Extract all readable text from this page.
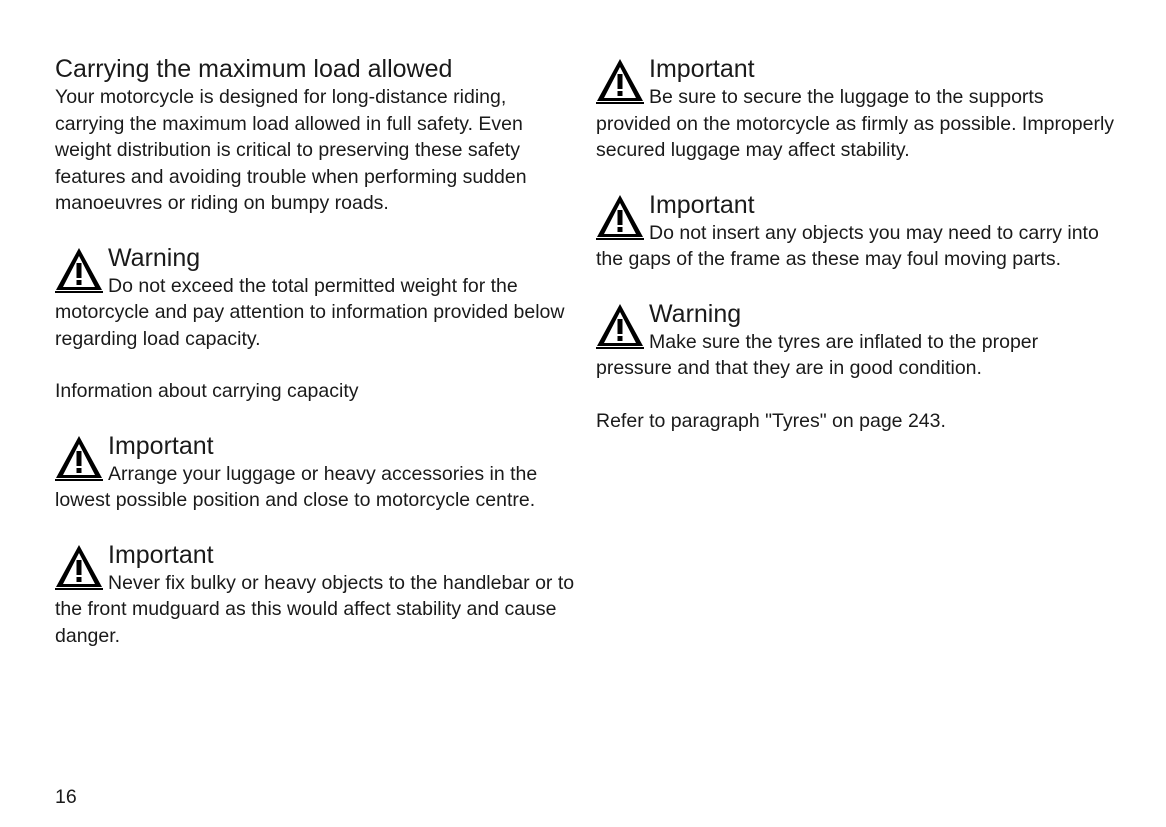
Carrying the maximum load allowed

Your motorcycle is designed for long-distance riding, carrying the maximum load allowed in full safety. Even weight distribution is critical to preserving these safety features and avoiding trouble when performing sudden manoeuvres or riding on bumpy roads.

Warning

Do not exceed the total permitted weight for the motorcycle and pay attention to information provided below regarding load capacity.

Information about carrying capacity

Important

Arrange your luggage or heavy accessories in the lowest possible position and close to motorcycle centre.

Important

Never fix bulky or heavy objects to the handlebar or to the front mudguard as this would affect stability and cause danger.

Important

Be sure to secure the luggage to the supports provided on the motorcycle as firmly as possible. Improperly secured luggage may affect stability.

Important

Do not insert any objects you may need to carry into the gaps of the frame as these may foul moving parts.

Warning

Make sure the tyres are inflated to the proper pressure and that they are in good condition.

Refer to paragraph "Tyres" on page 243.

16
